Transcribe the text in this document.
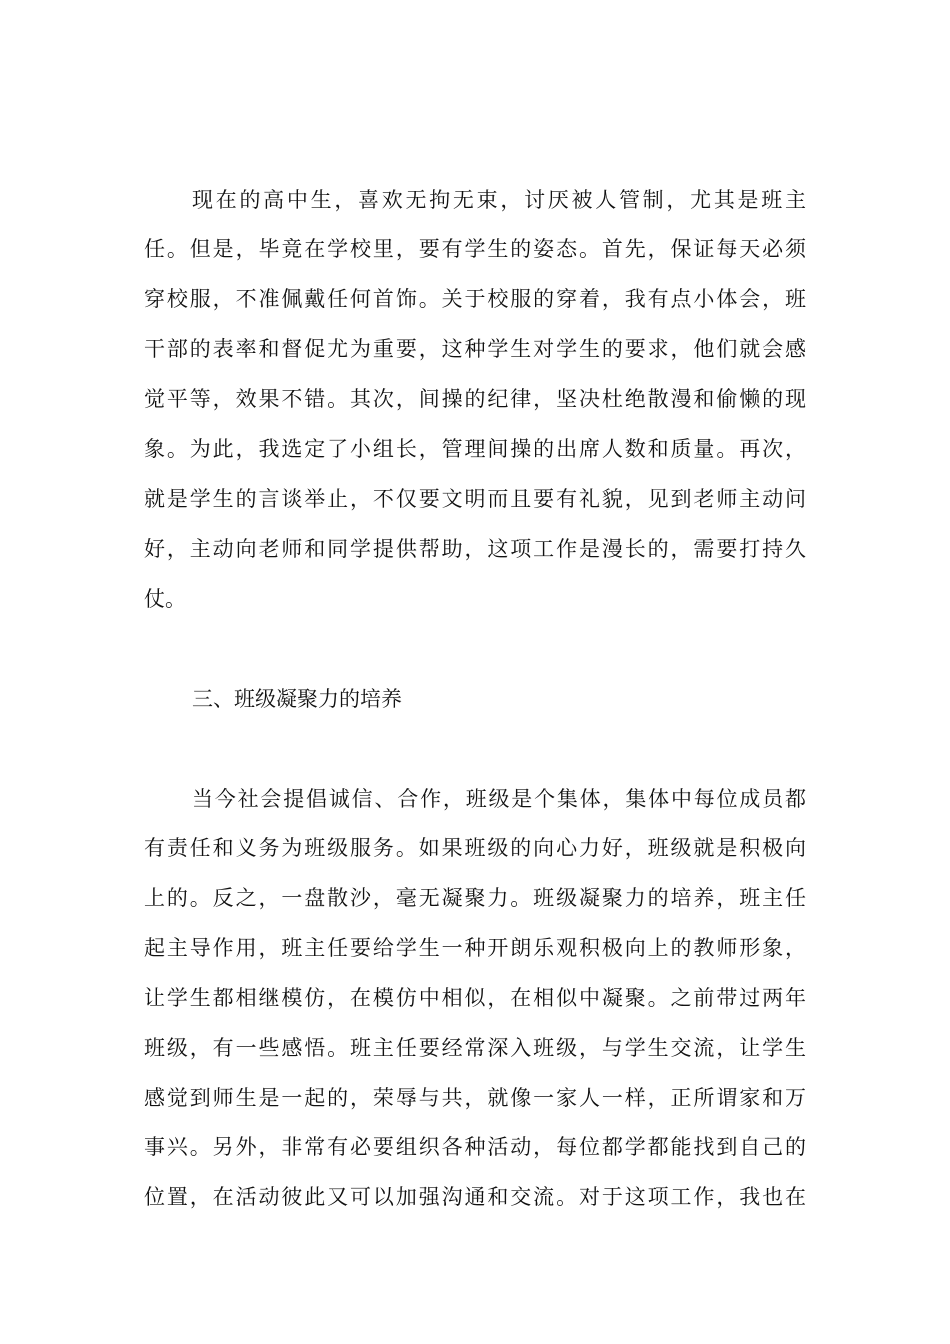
现在的高中生，喜欢无拘无束，讨厌被人管制，尤其是班主
任。但是，毕竟在学校里，要有学生的姿态。首先，保证每天必须
穿校服，不准佩戴任何首饰。关于校服的穿着，我有点小体会，班
干部的表率和督促尤为重要，这种学生对学生的要求，他们就会感
觉平等，效果不错。其次，间操的纪律，坚决杜绝散漫和偷懒的现
象。为此，我选定了小组长，管理间操的出席人数和质量。再次，
就是学生的言谈举止，不仅要文明而且要有礼貌，见到老师主动问
好，主动向老师和同学提供帮助，这项工作是漫长的，需要打持久
仗。
三、班级凝聚力的培养
当今社会提倡诚信、合作，班级是个集体，集体中每位成员都
有责任和义务为班级服务。如果班级的向心力好，班级就是积极向
上的。反之，一盘散沙，毫无凝聚力。班级凝聚力的培养，班主任
起主导作用，班主任要给学生一种开朗乐观积极向上的教师形象，
让学生都相继模仿，在模仿中相似，在相似中凝聚。之前带过两年
班级，有一些感悟。班主任要经常深入班级，与学生交流，让学生
感觉到师生是一起的，荣辱与共，就像一家人一样，正所谓家和万
事兴。另外，非常有必要组织各种活动，每位都学都能找到自己的
位置，在活动彼此又可以加强沟通和交流。对于这项工作，我也在
